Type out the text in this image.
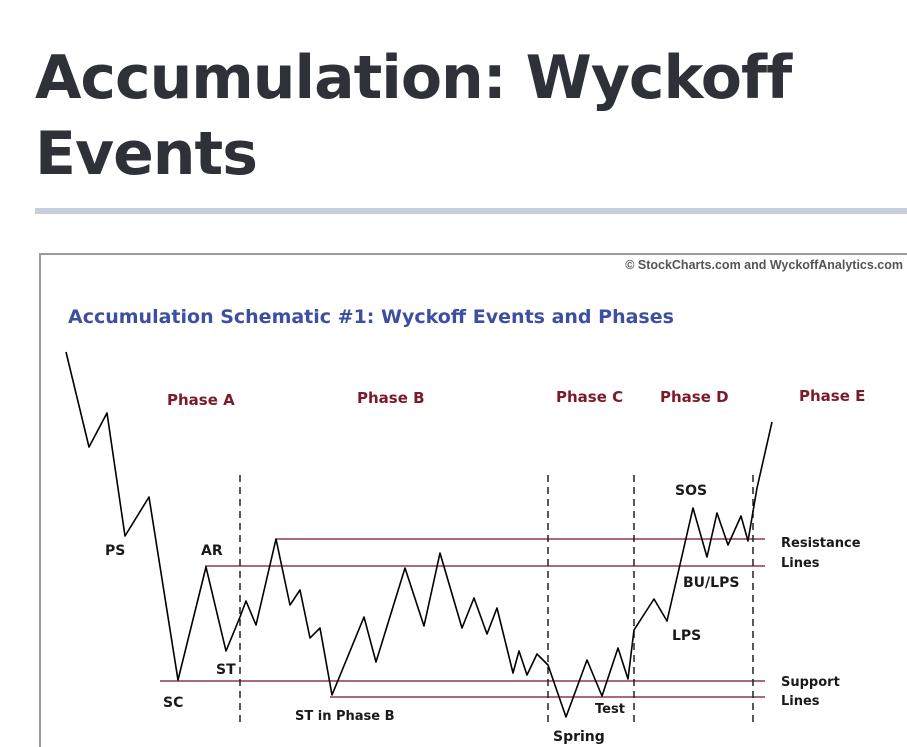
Accumulation: Wyckoff Events
© StockCharts.com and WyckoffAnalytics.com
Accumulation Schematic #1: Wyckoff Events and Phases
Phase A	Phase B	Phase C Phase D	Phase E
PS
SC
AR
ST
ST in Phase B
Spring
Test
LPS
BU/LPS
SOS
Resistance
Lines
Support
Lines
